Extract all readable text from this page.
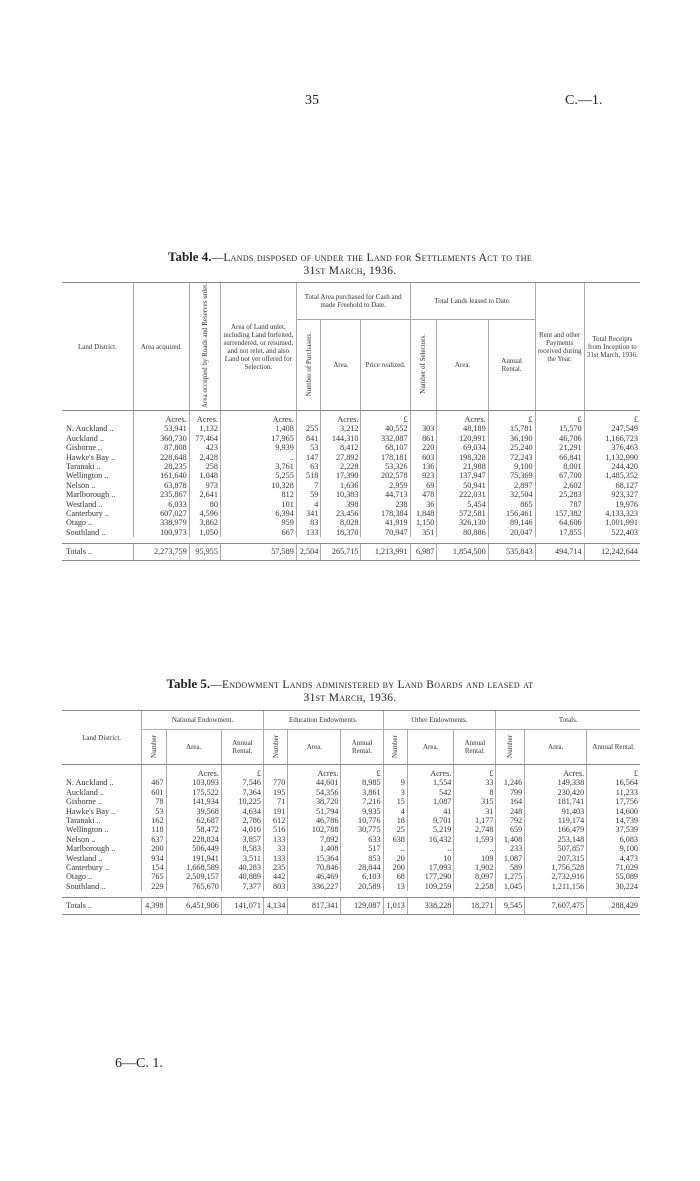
35	C.—1.
Table 4.—Lands disposed of under the Land for Settlements Act to the
31st March, 1936.
Land District.	Area acquired.	Area occupied by Roads and Reserves unlet.	Area of Land unlet, including Land forfeited, surrendered, or resumed, and not relet, and also Land not yet offered for Selection.	Total Area purchased for Cash and made Freehold to Date.			Total Lands leased to Date.			Rent and other Payments received during the Year.	Total Receipts from Inception to 31st March, 1936.
				Number of Purchasers.	Area.	Price realized.	Number of Selectors.	Area.	Annual Rental.		
	Acres.	Acres.	Acres.		Acres.	£		Acres.	£	£	£
N. Auckland ..	53,941	1,132	1,408	255	3,212	40,552	303	48,189	15,781	15,570	247,549
Auckland ..	360,730	77,464	17,965	841	144,310	332,087	861	120,991	36,190	46,706	1,166,723
Gisborne ..	87,808	423	9,939	53	8,412	68,107	220	69,034	25,240	21,291	376,463
Hawke's Bay ..	228,648	2,428	..	147	27,892	178,181	603	198,328	72,243	66,841	1,132,990
Taranaki ..	28,235	258	3,761	63	2,228	53,326	136	21,988	9,100	8,001	244,420
Wellington ..	161,640	1,048	5,255	518	17,390	202,578	923	137,947	75,369	67,700	1,485,352
Nelson ..	63,878	973	10,328	7	1,636	2,959	69	50,941	2,897	2,602	68,127
Marlborough ..	235,867	2,641	812	59	10,383	44,713	478	222,031	32,504	25,283	923,327
Westland ..	6,033	80	101	4	398	238	36	5,454	865	787	19,976
Canterbury ..	607,027	4,596	6,394	341	23,456	178,384	1,848	572,581	156,461	157,382	4,133,323
Otago ..	338,979	3,862	959	83	8,028	41,919	1,150	326,130	89,146	64,606	1,001,991
Southland ..	100,973	1,050	667	133	18,370	70,947	351	80,886	20,047	17,855	522,403

Totals ..	2,273,759	95,955	57,589	2,504	265,715	1,213,991	6,987	1,854,500	535,843	494,714	12,242,644
Table 5.—Endowment Lands administered by Land Boards and leased at
31st March, 1936.
Land District.	National Endowment.			Education Endowments.			Other Endowments.			Totals.		
	Number	Area.	Annual Rental.	Number	Area.	Annual Rental.	Number	Area.	Annual Rental.	Number	Area.	Annual Rental.
		Acres.	£		Acres.	£		Acres.	£		Acres.	£
N. Auckland ..	467	103,093	7,546	770	44,601	8,985	9	1,554	33	1,246	149,338	16,564
Auckland ..	601	175,522	7,364	195	54,356	3,861	3	542	8	799	230,420	11,233
Gisborne ..	78	141,934	10,225	71	38,720	7,216	15	1,087	315	164	181,741	17,756
Hawke's Bay ..	53	39,568	4,634	191	51,794	9,935	4	41	31	248	91,403	14,600
Taranaki ..	162	62,687	2,786	612	46,786	10,776	18	9,701	1,177	792	119,174	14,739
Wellington ..	118	58,472	4,016	516	102,788	30,775	25	5,219	2,748	659	166,479	37,539
Nelson ..	637	228,824	3,857	133	7,892	633	638	16,432	1,593	1,408	253,148	6,083
Marlborough ..	200	506,449	8,583	33	1,408	517	..	..	..	233	507,857	9,100
Westland ..	934	191,941	3,511	133	15,364	853	20	10	109	1,087	207,315	4,473
Canterbury ..	154	1,668,589	40,283	235	70,846	28,844	200	17,093	1,902	589	1,756,528	71,029
Otago ..	765	2,509,157	40,889	442	46,469	6,103	68	177,290	8,097	1,275	2,732,916	55,089
Southland ..	229	765,670	7,377	803	336,227	20,589	13	109,259	2,258	1,045	1,211,156	30,224

Totals ..	4,398	6,451,906	141,071	4,134	817,341	129,087	1,013	338,228	18,271	9,545	7,607,475	288,429
6—C. 1.
